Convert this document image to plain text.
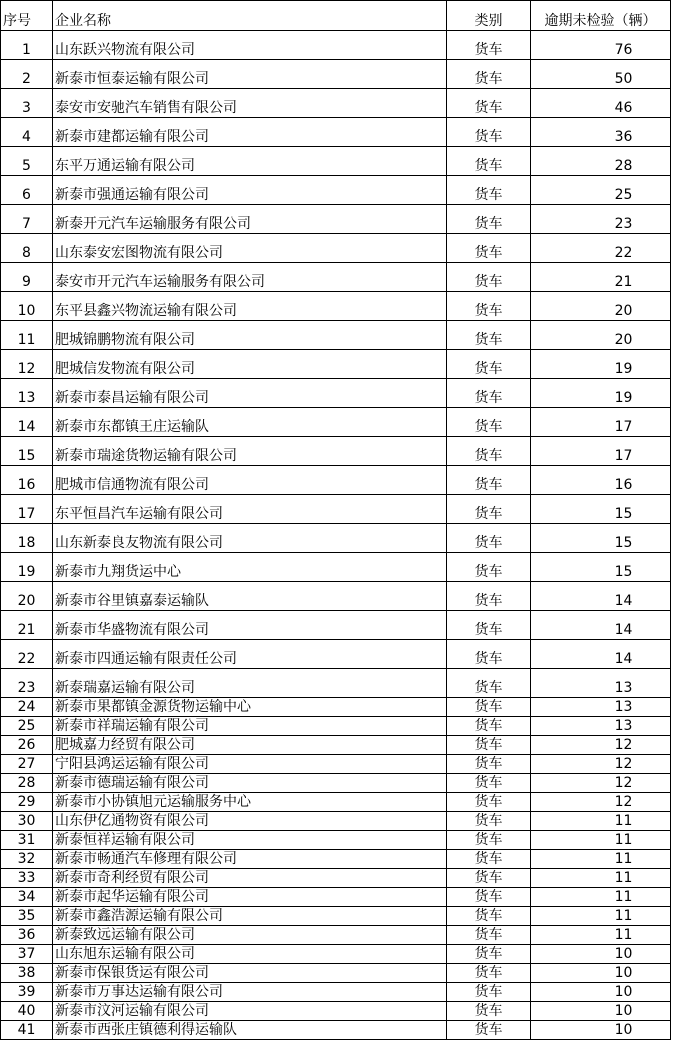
序号	企业名称	类别	逾期未检验（辆）
1	山东跃兴物流有限公司	货车	76
2	新泰市恒泰运输有限公司	货车	50
3	泰安市安驰汽车销售有限公司	货车	46
4	新泰市建都运输有限公司	货车	36
5	东平万通运输有限公司	货车	28
6	新泰市强通运输有限公司	货车	25
7	新泰开元汽车运输服务有限公司	货车	23
8	山东泰安宏图物流有限公司	货车	22
9	泰安市开元汽车运输服务有限公司	货车	21
10	东平县鑫兴物流运输有限公司	货车	20
11	肥城锦鹏物流有限公司	货车	20
12	肥城信发物流有限公司	货车	19
13	新泰市泰昌运输有限公司	货车	19
14	新泰市东都镇王庄运输队	货车	17
15	新泰市瑞途货物运输有限公司	货车	17
16	肥城市信通物流有限公司	货车	16
17	东平恒昌汽车运输有限公司	货车	15
18	山东新泰良友物流有限公司	货车	15
19	新泰市九翔货运中心	货车	15
20	新泰市谷里镇嘉泰运输队	货车	14
21	新泰市华盛物流有限公司	货车	14
22	新泰市四通运输有限责任公司	货车	14
23	新泰瑞嘉运输有限公司	货车	13
24	新泰市果都镇金源货物运输中心	货车	13
25	新泰市祥瑞运输有限公司	货车	13
26	肥城嘉力经贸有限公司	货车	12
27	宁阳县鸿运运输有限公司	货车	12
28	新泰市德瑞运输有限公司	货车	12
29	新泰市小协镇旭元运输服务中心	货车	12
30	山东伊亿通物资有限公司	货车	11
31	新泰恒祥运输有限公司	货车	11
32	新泰市畅通汽车修理有限公司	货车	11
33	新泰市奇利经贸有限公司	货车	11
34	新泰市起华运输有限公司	货车	11
35	新泰市鑫浩源运输有限公司	货车	11
36	新泰致远运输有限公司	货车	11
37	山东旭东运输有限公司	货车	10
38	新泰市保银货运有限公司	货车	10
39	新泰市万事达运输有限公司	货车	10
40	新泰市汶河运输有限公司	货车	10
41	新泰市西张庄镇德利得运输队	货车	10
